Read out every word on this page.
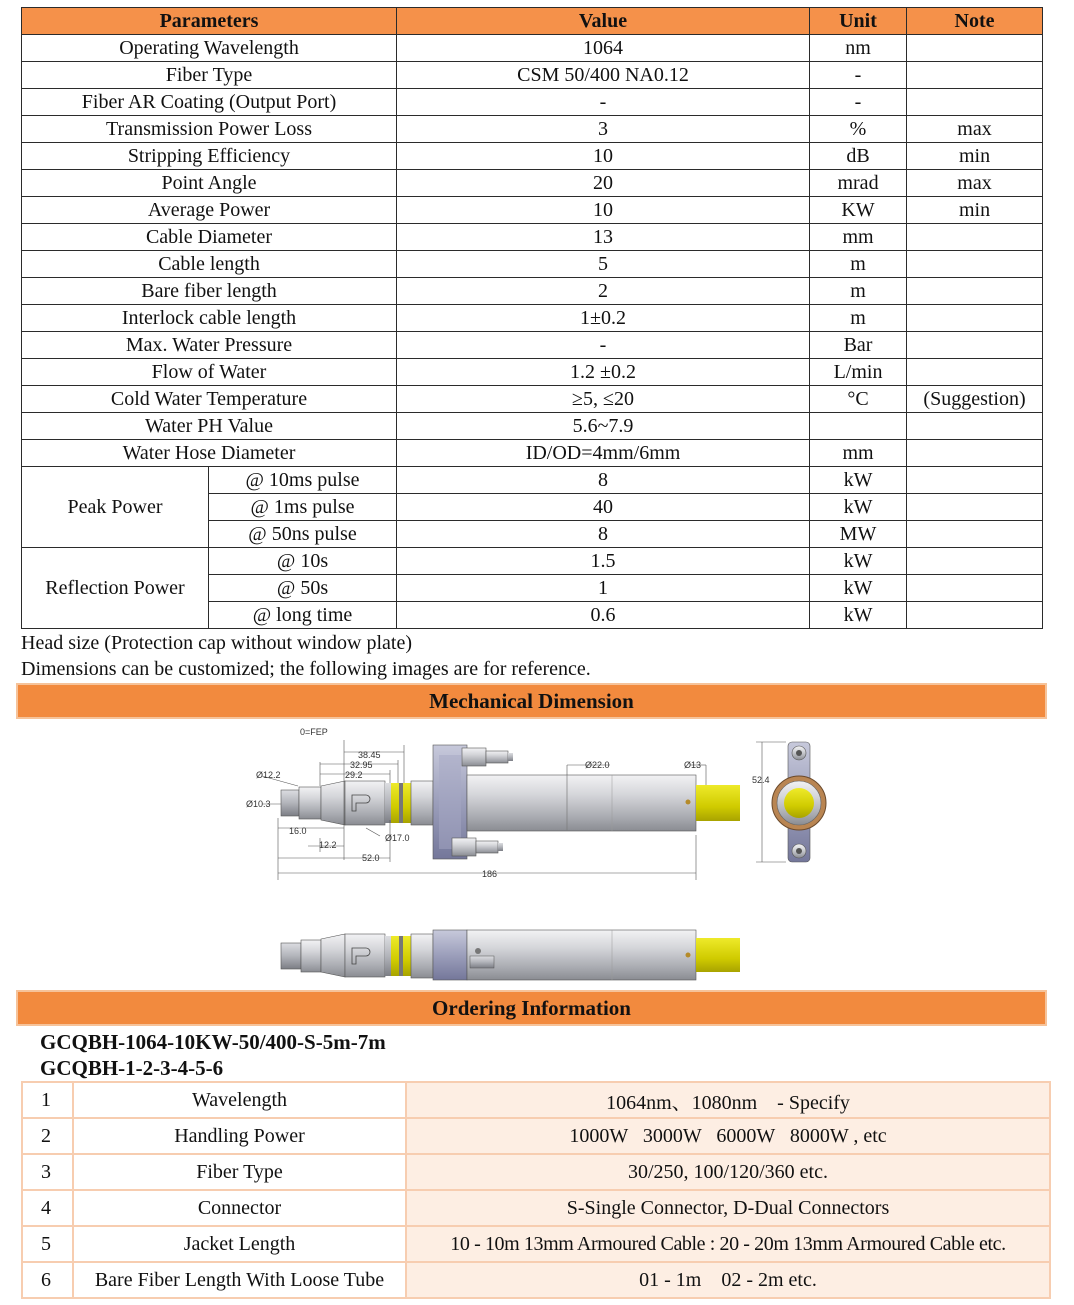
Parameters		Value	Unit	Note
Operating Wavelength		1064	nm	
Fiber Type		CSM 50/400 NA0.12	-	
Fiber AR Coating (Output Port)		-	-	
Transmission Power Loss		3	%	max
Stripping Efficiency		10	dB	min
Point Angle		20	mrad	max
Average Power		10	KW	min
Cable Diameter		13	mm	
Cable length		5	m	
Bare fiber length		2	m	
Interlock cable length		1±0.2	m	
Max. Water Pressure		-	Bar	
Flow of Water		1.2 ±0.2	L/min	
Cold Water Temperature		≥5, ≤20	°C	(Suggestion)
Water PH Value		5.6~7.9		
Water Hose Diameter		ID/OD=4mm/6mm	mm	
Peak Power	@ 10ms pulse	8	kW	
	@ 1ms pulse	40	kW	
	@ 50ns pulse	8	MW	
Reflection Power	@ 10s	1.5	kW	
	@ 50s	1	kW	
	@ long time	0.6	kW	
Head size (Protection cap without window plate)
Dimensions can be customized; the following images are for reference.
Mechanical Dimension
0=FEP
38.45
32.95
29.2
Ø12.2
Ø10.3
16.0
12.2
52.0
Ø17.0
Ø22.0	Ø13
186
52.4
Ordering Information
GCQBH-1064-10KW-50/400-S-5m-7m
GCQBH-1-2-3-4-5-6
1	Wavelength	1064nm、1080nm    - Specify
2	Handling Power	1000W   3000W   6000W   8000W , etc
3	Fiber Type	30/250, 100/120/360 etc.
4	Connector	S-Single Connector, D-Dual Connectors
5	Jacket Length	10 - 10m 13mm Armoured Cable : 20 - 20m 13mm Armoured Cable etc.
6	Bare Fiber Length With Loose Tube	01 - 1m    02 - 2m etc.
